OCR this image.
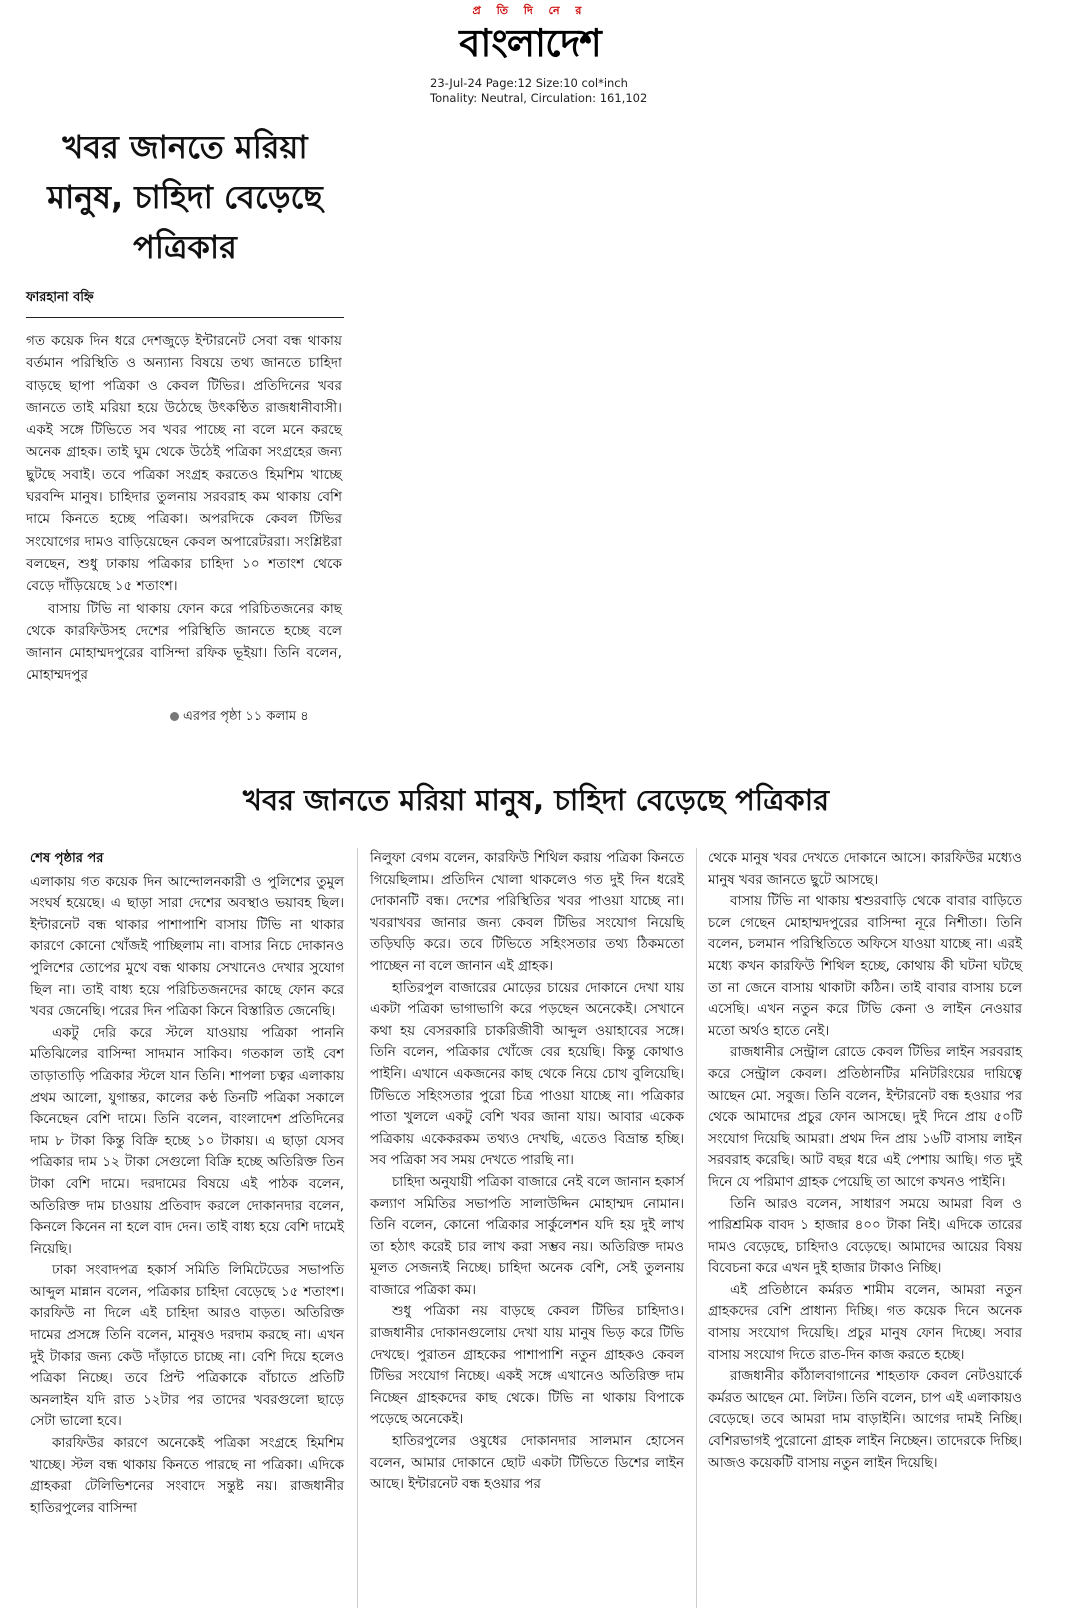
প্র তি দি নে র
বাংলাদেশ
23-Jul-24 Page:12 Size:10 col*inch
Tonality: Neutral, Circulation: 161,102
খবর জানতে মরিয়া মানুষ, চাহিদা বেড়েছে পত্রিকার
ফারহানা বহ্নি

গত কয়েক দিন ধরে দেশজুড়ে ইন্টারনেট সেবা বন্ধ থাকায় বর্তমান পরিস্থিতি ও অন্যান্য বিষয়ে তথ্য জানতে চাহিদা বাড়ছে ছাপা পত্রিকা ও কেবল টিভির। প্রতিদিনের খবর জানতে তাই মরিয়া হয়ে উঠেছে উৎকণ্ঠিত রাজধানীবাসী। একই সঙ্গে টিভিতে সব খবর পাচ্ছে না বলে মনে করছে অনেক গ্রাহক। তাই ঘুম থেকে উঠেই পত্রিকা সংগ্রহের জন্য ছুটছে সবাই। তবে পত্রিকা সংগ্রহ করতেও হিমশিম খাচ্ছে ঘরবন্দি মানুষ। চাহিদার তুলনায় সরবরাহ কম থাকায় বেশি দামে কিনতে হচ্ছে পত্রিকা। অপরদিকে কেবল টিভির সংযোগের দামও বাড়িয়েছেন কেবল অপারেটররা। সংশ্লিষ্টরা বলছেন, শুধু ঢাকায় পত্রিকার চাহিদা ১০ শতাংশ থেকে বেড়ে দাঁড়িয়েছে ১৫ শতাংশ।

বাসায় টিভি না থাকায় ফোন করে পরিচিতজনের কাছ থেকে কারফিউসহ দেশের পরিস্থিতি জানতে হচ্ছে বলে জানান মোহাম্মদপুরের বাসিন্দা রফিক ভূইয়া। তিনি বলেন, মোহাম্মদপুর

এরপর পৃষ্ঠা ১১ কলাম ৪
খবর জানতে মরিয়া মানুষ, চাহিদা বেড়েছে পত্রিকার
শেষ পৃষ্ঠার পর

এলাকায় গত কয়েক দিন আন্দোলনকারী ও পুলিশের তুমুল সংঘর্ষ হয়েছে। এ ছাড়া সারা দেশের অবস্থাও ভয়াবহ ছিল। ইন্টারনেট বন্ধ থাকার পাশাপাশি বাসায় টিভি না থাকার কারণে কোনো খোঁজই পাচ্ছিলাম না। বাসার নিচে দোকানও পুলিশের তোপের মুখে বন্ধ থাকায় সেখানেও দেখার সুযোগ ছিল না। তাই বাধ্য হয়ে পরিচিতজনদের কাছে ফোন করে খবর জেনেছি। পরের দিন পত্রিকা কিনে বিস্তারিত জেনেছি।

একটু দেরি করে স্টলে যাওয়ায় পত্রিকা পাননি মতিঝিলের বাসিন্দা সাদমান সাকিব। গতকাল তাই বেশ তাড়াতাড়ি পত্রিকার স্টলে যান তিনি। শাপলা চত্বর এলাকায় প্রথম আলো, যুগান্তর, কালের কণ্ঠ তিনটি পত্রিকা সকালে কিনেছেন বেশি দামে। তিনি বলেন, বাংলাদেশ প্রতিদিনের দাম ৮ টাকা কিন্তু বিক্রি হচ্ছে ১০ টাকায়। এ ছাড়া যেসব পত্রিকার দাম ১২ টাকা সেগুলো বিক্রি হচ্ছে অতিরিক্ত তিন টাকা বেশি দামে। দরদামের বিষয়ে এই পাঠক বলেন, অতিরিক্ত দাম চাওয়ায় প্রতিবাদ করলে দোকানদার বলেন, কিনলে কিনেন না হলে বাদ দেন। তাই বাধ্য হয়ে বেশি দামেই নিয়েছি।

ঢাকা সংবাদপত্র হকার্স সমিতি লিমিটেডের সভাপতি আব্দুল মান্নান বলেন, পত্রিকার চাহিদা বেড়েছে ১৫ শতাংশ। কারফিউ না দিলে এই চাহিদা আরও বাড়ত। অতিরিক্ত দামের প্রসঙ্গে তিনি বলেন, মানুষও দরদাম করছে না। এখন দুই টাকার জন্য কেউ দাঁড়াতে চাচ্ছে না। বেশি দিয়ে হলেও পত্রিকা নিচ্ছে। তবে প্রিন্ট পত্রিকাকে বাঁচাতে প্রতিটি অনলাইন যদি রাত ১২টার পর তাদের খবরগুলো ছাড়ে সেটা ভালো হবে।

কারফিউর কারণে অনেকেই পত্রিকা সংগ্রহে হিমশিম খাচ্ছে। স্টল বন্ধ থাকায় কিনতে পারছে না পত্রিকা। এদিকে গ্রাহকরা টেলিভিশনের সংবাদে সন্তুষ্ট নয়। রাজধানীর হাতিরপুলের বাসিন্দা

নিলুফা বেগম বলেন, কারফিউ শিথিল করায় পত্রিকা কিনতে গিয়েছিলাম। প্রতিদিন খোলা থাকলেও গত দুই দিন ধরেই দোকানটি বন্ধ। দেশের পরিস্থিতির খবর পাওয়া যাচ্ছে না। খবরাখবর জানার জন্য কেবল টিভির সংযোগ নিয়েছি তড়িঘড়ি করে। তবে টিভিতে সহিংসতার তথ্য ঠিকমতো পাচ্ছেন না বলে জানান এই গ্রাহক।

হাতিরপুল বাজারের মোড়ের চায়ের দোকানে দেখা যায় একটা পত্রিকা ভাগাভাগি করে পড়ছেন অনেকেই। সেখানে কথা হয় বেসরকারি চাকরিজীবী আব্দুল ওয়াহাবের সঙ্গে। তিনি বলেন, পত্রিকার খোঁজে বের হয়েছি। কিন্তু কোথাও পাইনি। এখানে একজনের কাছ থেকে নিয়ে চোখ বুলিয়েছি। টিভিতে সহিংসতার পুরো চিত্র পাওয়া যাচ্ছে না। পত্রিকার পাতা খুললে একটু বেশি খবর জানা যায়। আবার একেক পত্রিকায় একেকরকম তথ্যও দেখছি, এতেও বিভ্রান্ত হচ্ছি। সব পত্রিকা সব সময় দেখতে পারছি না।

চাহিদা অনুযায়ী পত্রিকা বাজারে নেই বলে জানান হকার্স কল্যাণ সমিতির সভাপতি সালাউদ্দিন মোহাম্মদ নোমান। তিনি বলেন, কোনো পত্রিকার সার্কুলেশন যদি হয় দুই লাখ তা হঠাৎ করেই চার লাখ করা সম্ভব নয়। অতিরিক্ত দামও মূলত সেজন্যই নিচ্ছে। চাহিদা অনেক বেশি, সেই তুলনায় বাজারে পত্রিকা কম।

শুধু পত্রিকা নয় বাড়ছে কেবল টিভির চাহিদাও। রাজধানীর দোকানগুলোয় দেখা যায় মানুষ ভিড় করে টিভি দেখছে। পুরাতন গ্রাহকের পাশাপাশি নতুন গ্রাহকও কেবল টিভির সংযোগ নিচ্ছে। একই সঙ্গে এখানেও অতিরিক্ত দাম নিচ্ছেন গ্রাহকদের কাছ থেকে। টিভি না থাকায় বিপাকে পড়েছে অনেকেই।

হাতিরপুলের ওষুধের দোকানদার সালমান হোসেন বলেন, আমার দোকানে ছোট একটা টিভিতে ডিশের লাইন আছে। ইন্টারনেট বন্ধ হওয়ার পর

থেকে মানুষ খবর দেখতে দোকানে আসে। কারফিউর মধ্যেও মানুষ খবর জানতে ছুটে আসছে।

বাসায় টিভি না থাকায় শ্বশুরবাড়ি থেকে বাবার বাড়িতে চলে গেছেন মোহাম্মদপুরের বাসিন্দা নূরে নিশীতা। তিনি বলেন, চলমান পরিস্থিতিতে অফিসে যাওয়া যাচ্ছে না। এরই মধ্যে কখন কারফিউ শিথিল হচ্ছে, কোথায় কী ঘটনা ঘটছে তা না জেনে বাসায় থাকাটা কঠিন। তাই বাবার বাসায় চলে এসেছি। এখন নতুন করে টিভি কেনা ও লাইন নেওয়ার মতো অর্থও হাতে নেই।

রাজধানীর সেন্ট্রাল রোডে কেবল টিভির লাইন সরবরাহ করে সেন্ট্রাল কেবল। প্রতিষ্ঠানটির মনিটরিংয়ের দায়িত্বে আছেন মো. সবুজ। তিনি বলেন, ইন্টারনেট বন্ধ হওয়ার পর থেকে আমাদের প্রচুর ফোন আসছে। দুই দিনে প্রায় ৫০টি সংযোগ দিয়েছি আমরা। প্রথম দিন প্রায় ১৬টি বাসায় লাইন সরবরাহ করেছি। আট বছর ধরে এই পেশায় আছি। গত দুই দিনে যে পরিমাণ গ্রাহক পেয়েছি তা আগে কখনও পাইনি।

তিনি আরও বলেন, সাধারণ সময়ে আমরা বিল ও পারিশ্রমিক বাবদ ১ হাজার ৪০০ টাকা নিই। এদিকে তারের দামও বেড়েছে, চাহিদাও বেড়েছে। আমাদের আয়ের বিষয় বিবেচনা করে এখন দুই হাজার টাকাও নিচ্ছি।

এই প্রতিষ্ঠানে কর্মরত শামীম বলেন, আমরা নতুন গ্রাহকদের বেশি প্রাধান্য দিচ্ছি। গত কয়েক দিনে অনেক বাসায় সংযোগ দিয়েছি। প্রচুর মানুষ ফোন দিচ্ছে। সবার বাসায় সংযোগ দিতে রাত-দিন কাজ করতে হচ্ছে।

রাজধানীর কাঁঠালবাগানের শাহতাফ কেবল নেটওয়ার্কে কর্মরত আছেন মো. লিটন। তিনি বলেন, চাপ এই এলাকায়ও বেড়েছে। তবে আমরা দাম বাড়াইনি। আগের দামই নিচ্ছি। বেশিরভাগই পুরোনো গ্রাহক লাইন নিচ্ছেন। তাদেরকে দিচ্ছি। আজও কয়েকটি বাসায় নতুন লাইন দিয়েছি।
